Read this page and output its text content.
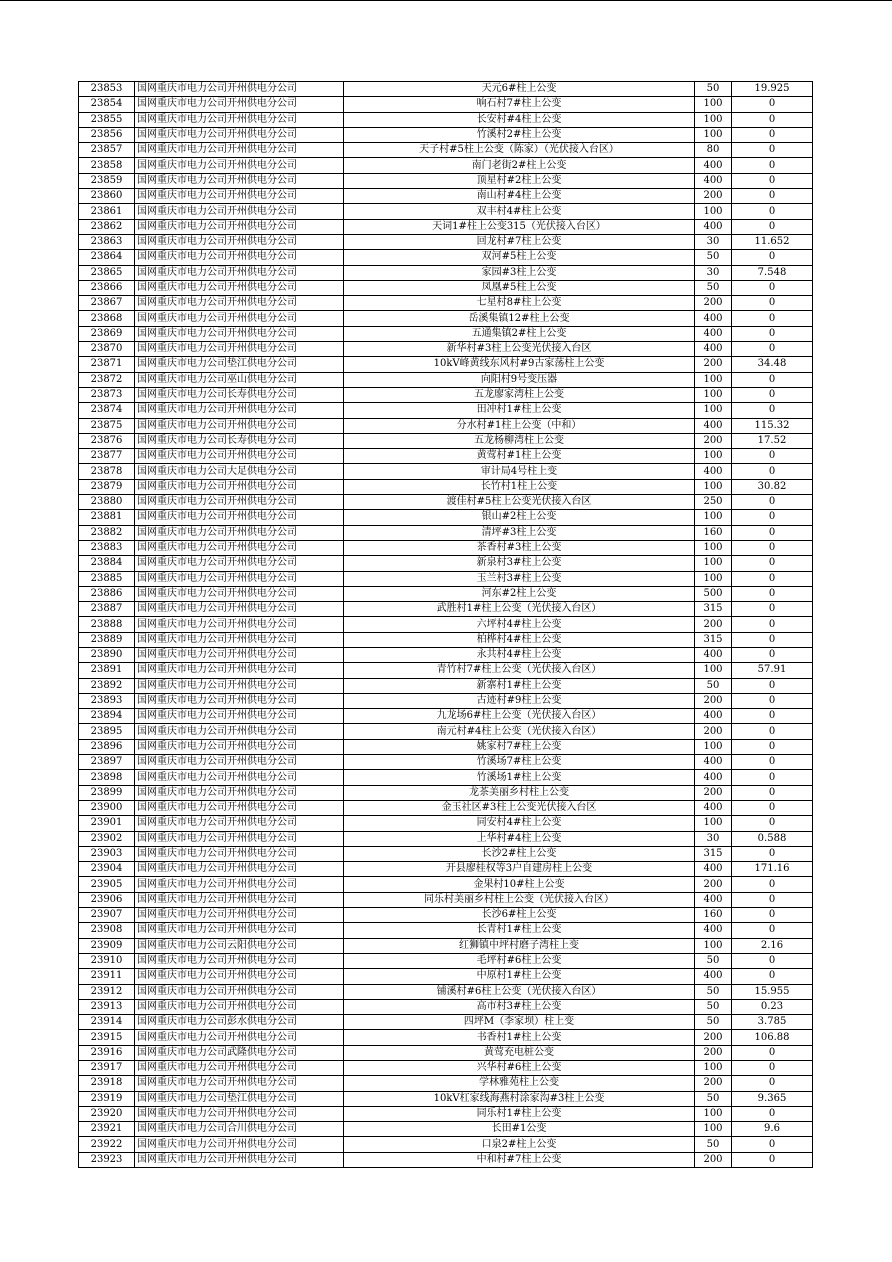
23853	国网重庆市电力公司开州供电分公司	天元6#柱上公变	50	19.925
23854	国网重庆市电力公司开州供电分公司	响石村7#柱上公变	100	0
23855	国网重庆市电力公司开州供电分公司	长安村#4柱上公变	100	0
23856	国网重庆市电力公司开州供电分公司	竹溪村2#柱上公变	100	0
23857	国网重庆市电力公司开州供电分公司	天子村#5柱上公变（陈家）（光伏接入台区）	80	0
23858	国网重庆市电力公司开州供电分公司	南门老街2#柱上公变	400	0
23859	国网重庆市电力公司开州供电分公司	顶星村#2柱上公变	400	0
23860	国网重庆市电力公司开州供电分公司	南山村#4柱上公变	200	0
23861	国网重庆市电力公司开州供电分公司	双丰村4#柱上公变	100	0
23862	国网重庆市电力公司开州供电分公司	天词1#柱上公变315（光伏接入台区）	400	0
23863	国网重庆市电力公司开州供电分公司	回龙村#7柱上公变	30	11.652
23864	国网重庆市电力公司开州供电分公司	双河#5柱上公变	50	0
23865	国网重庆市电力公司开州供电分公司	家园#3柱上公变	30	7.548
23866	国网重庆市电力公司开州供电分公司	凤凰#5柱上公变	50	0
23867	国网重庆市电力公司开州供电分公司	七星村8#柱上公变	200	0
23868	国网重庆市电力公司开州供电分公司	岳溪集镇12#柱上公变	400	0
23869	国网重庆市电力公司开州供电分公司	五通集镇2#柱上公变	400	0
23870	国网重庆市电力公司开州供电分公司	新华村#3柱上公变光伏接入台区	400	0
23871	国网重庆市电力公司垫江供电分公司	10kV峰黄线东风村#9古家荡柱上公变	200	34.48
23872	国网重庆市电力公司巫山供电分公司	向阳村9号变压器	100	0
23873	国网重庆市电力公司长寿供电分公司	五龙廖家湾柱上公变	100	0
23874	国网重庆市电力公司开州供电分公司	田冲村1#柱上公变	100	0
23875	国网重庆市电力公司开州供电分公司	分水村#1柱上公变（中和）	400	115.32
23876	国网重庆市电力公司长寿供电分公司	五龙杨柳湾柱上公变	200	17.52
23877	国网重庆市电力公司开州供电分公司	黄莺村#1柱上公变	100	0
23878	国网重庆市电力公司大足供电分公司	审计局4号柱上变	400	0
23879	国网重庆市电力公司开州供电分公司	长竹村1柱上公变	100	30.82
23880	国网重庆市电力公司开州供电分公司	渡佳村#5柱上公变光伏接入台区	250	0
23881	国网重庆市电力公司开州供电分公司	银山#2柱上公变	100	0
23882	国网重庆市电力公司开州供电分公司	清坪#3柱上公变	160	0
23883	国网重庆市电力公司开州供电分公司	茶香村#3柱上公变	100	0
23884	国网重庆市电力公司开州供电分公司	新泉村3#柱上公变	100	0
23885	国网重庆市电力公司开州供电分公司	玉兰村3#柱上公变	100	0
23886	国网重庆市电力公司开州供电分公司	河东#2柱上公变	500	0
23887	国网重庆市电力公司开州供电分公司	武胜村1#柱上公变（光伏接入台区）	315	0
23888	国网重庆市电力公司开州供电分公司	六坪村4#柱上公变	200	0
23889	国网重庆市电力公司开州供电分公司	柏桦村4#柱上公变	315	0
23890	国网重庆市电力公司开州供电分公司	永共村4#柱上公变	400	0
23891	国网重庆市电力公司开州供电分公司	青竹村7#柱上公变（光伏接入台区）	100	57.91
23892	国网重庆市电力公司开州供电分公司	新寨村1#柱上公变	50	0
23893	国网重庆市电力公司开州供电分公司	古迹村#9柱上公变	200	0
23894	国网重庆市电力公司开州供电分公司	九龙场6#柱上公变（光伏接入台区）	400	0
23895	国网重庆市电力公司开州供电分公司	南元村#4柱上公变（光伏接入台区）	200	0
23896	国网重庆市电力公司开州供电分公司	姚家村7#柱上公变	100	0
23897	国网重庆市电力公司开州供电分公司	竹溪场7#柱上公变	400	0
23898	国网重庆市电力公司开州供电分公司	竹溪场1#柱上公变	400	0
23899	国网重庆市电力公司开州供电分公司	龙茶美丽乡村柱上公变	200	0
23900	国网重庆市电力公司开州供电分公司	金玉社区#3柱上公变光伏接入台区	400	0
23901	国网重庆市电力公司开州供电分公司	同安村4#柱上公变	100	0
23902	国网重庆市电力公司开州供电分公司	上华村#4柱上公变	30	0.588
23903	国网重庆市电力公司开州供电分公司	长沙2#柱上公变	315	0
23904	国网重庆市电力公司开州供电分公司	开县廖桂权等3户自建房柱上公变	400	171.16
23905	国网重庆市电力公司开州供电分公司	金果村10#柱上公变	200	0
23906	国网重庆市电力公司开州供电分公司	同乐村美丽乡村柱上公变（光伏接入台区）	400	0
23907	国网重庆市电力公司开州供电分公司	长沙6#柱上公变	160	0
23908	国网重庆市电力公司开州供电分公司	长青村1#柱上公变	400	0
23909	国网重庆市电力公司云阳供电分公司	红狮镇中坪村磨子湾柱上变	100	2.16
23910	国网重庆市电力公司开州供电分公司	毛坪村#6柱上公变	50	0
23911	国网重庆市电力公司开州供电分公司	中原村1#柱上公变	400	0
23912	国网重庆市电力公司开州供电分公司	铺溪村#6柱上公变（光伏接入台区）	50	15.955
23913	国网重庆市电力公司开州供电分公司	高市村3#柱上公变	50	0.23
23914	国网重庆市电力公司彭水供电分公司	四坪M（李家坝）柱上变	50	3.785
23915	国网重庆市电力公司开州供电分公司	书香村1#柱上公变	200	106.88
23916	国网重庆市电力公司武隆供电分公司	黄莺充电桩公变	200	0
23917	国网重庆市电力公司开州供电分公司	兴华村#6柱上公变	100	0
23918	国网重庆市电力公司开州供电分公司	学林雅苑柱上公变	200	0
23919	国网重庆市电力公司垫江供电分公司	10kV杠家线海燕村涂家沟#3柱上公变	50	9.365
23920	国网重庆市电力公司开州供电分公司	同乐村1#柱上公变	100	0
23921	国网重庆市电力公司合川供电分公司	长田#1公变	100	9.6
23922	国网重庆市电力公司开州供电分公司	口泉2#柱上公变	50	0
23923	国网重庆市电力公司开州供电分公司	中和村#7柱上公变	200	0
